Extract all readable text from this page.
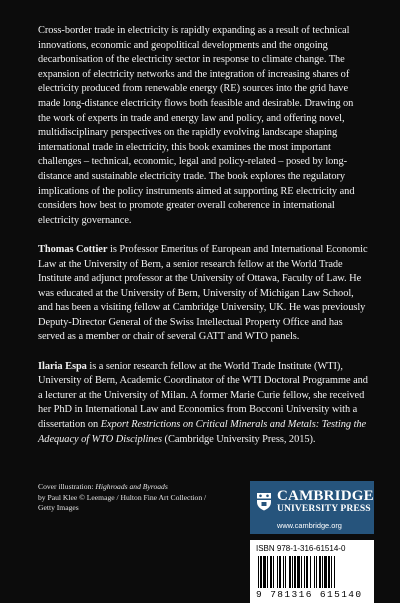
Cross-border trade in electricity is rapidly expanding as a result of technical innovations, economic and geopolitical developments and the ongoing decarbonisation of the electricity sector in response to climate change. The expansion of electricity networks and the integration of increasing shares of electricity produced from renewable energy (RE) sources into the grid have made long-distance electricity flows both feasible and desirable. Drawing on the work of experts in trade and energy law and policy, and offering novel, multidisciplinary perspectives on the rapidly evolving landscape shaping international trade in electricity, this book examines the most important challenges – technical, economic, legal and policy-related – posed by long-distance and sustainable electricity trade. The book explores the regulatory implications of the policy instruments aimed at supporting RE electricity and considers how best to promote greater overall coherence in international electricity governance.

Thomas Cottier is Professor Emeritus of European and International Economic Law at the University of Bern, a senior research fellow at the World Trade Institute and adjunct professor at the University of Ottawa, Faculty of Law. He was educated at the University of Bern, University of Michigan Law School, and has been a visiting fellow at Cambridge University, UK. He was previously Deputy-Director General of the Swiss Intellectual Property Office and has served as a member or chair of several GATT and WTO panels.

Ilaria Espa is a senior research fellow at the World Trade Institute (WTI), University of Bern, Academic Coordinator of the WTI Doctoral Programme and a lecturer at the University of Milan. A former Marie Curie fellow, she received her PhD in International Law and Economics from Bocconi University with a dissertation on Export Restrictions on Critical Minerals and Metals: Testing the Adequacy of WTO Disciplines (Cambridge University Press, 2015).

Cover illustration: Highroads and Byroads
by Paul Klee © Leemage / Hulton Fine Art Collection / Getty Images
CAMBRIDGE
UNIVERSITY PRESS
www.cambridge.org
ISBN 978-1-316-61514-0
9 781316 615140
